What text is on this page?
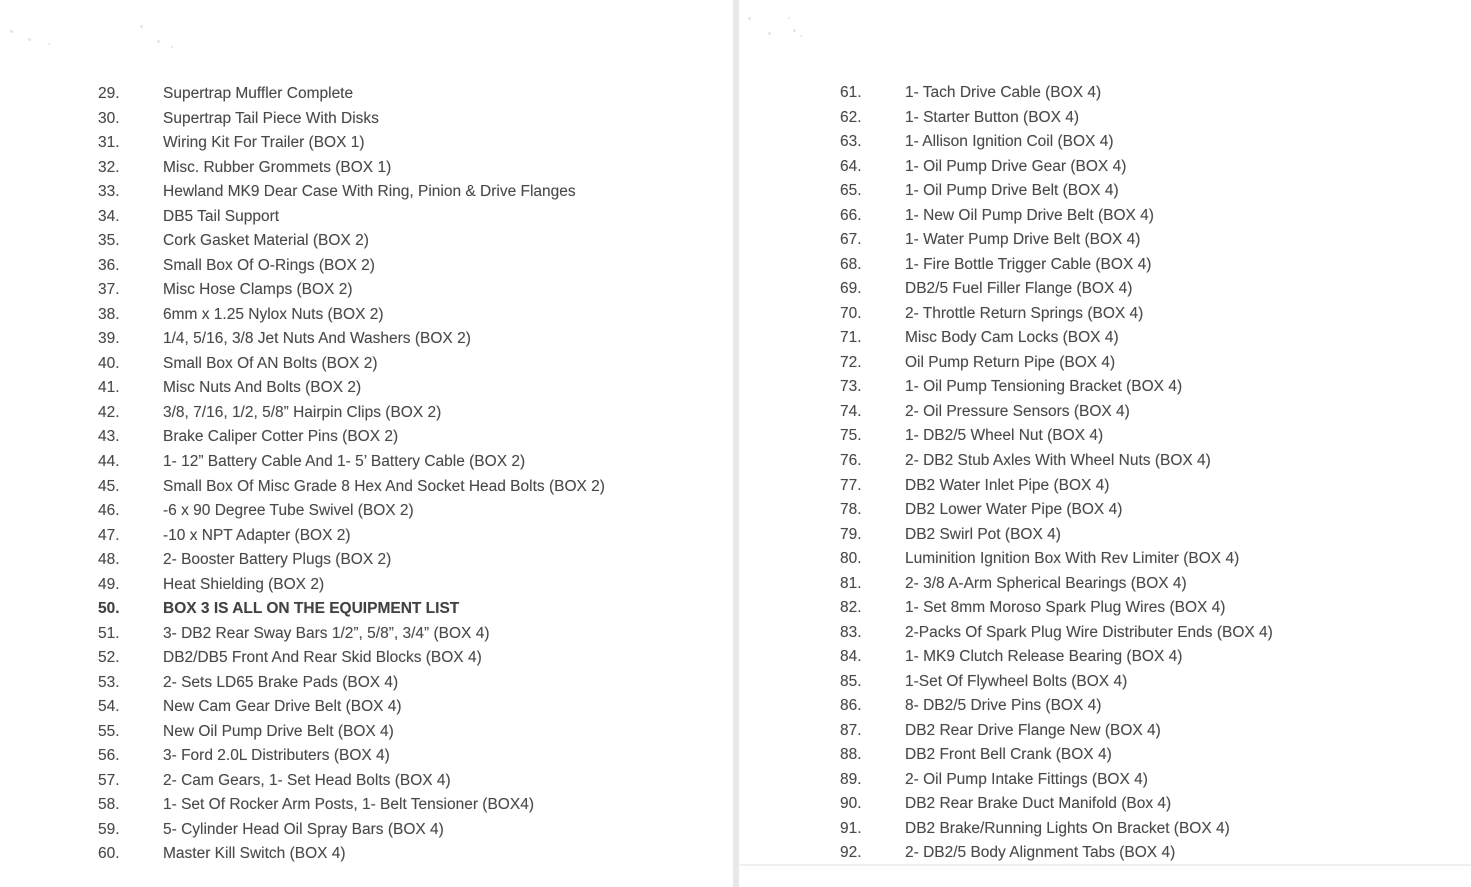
29.	Supertrap Muffler Complete
30.	Supertrap Tail Piece With Disks
31.	Wiring Kit For Trailer (BOX 1)
32.	Misc. Rubber Grommets (BOX 1)
33.	Hewland MK9 Dear Case With Ring, Pinion & Drive Flanges
34.	DB5 Tail Support
35.	Cork Gasket Material (BOX 2)
36.	Small Box Of O-Rings (BOX 2)
37.	Misc Hose Clamps (BOX 2)
38.	6mm x 1.25 Nylox Nuts (BOX 2)
39.	1/4, 5/16, 3/8 Jet Nuts And Washers (BOX 2)
40.	Small Box Of AN Bolts (BOX 2)
41.	Misc Nuts And Bolts (BOX 2)
42.	3/8, 7/16, 1/2, 5/8” Hairpin Clips (BOX 2)
43.	Brake Caliper Cotter Pins (BOX 2)
44.	1- 12” Battery Cable And 1- 5’ Battery Cable (BOX 2)
45.	Small Box Of Misc Grade 8 Hex And Socket Head Bolts (BOX 2)
46.	-6 x 90 Degree Tube Swivel (BOX 2)
47.	-10 x NPT Adapter (BOX 2)
48.	2- Booster Battery Plugs (BOX 2)
49.	Heat Shielding (BOX 2)
50.	BOX 3 IS ALL ON THE EQUIPMENT LIST
51.	3- DB2 Rear Sway Bars 1/2”, 5/8”, 3/4” (BOX 4)
52.	DB2/DB5 Front And Rear Skid Blocks (BOX 4)
53.	2- Sets LD65 Brake Pads (BOX 4)
54.	New Cam Gear Drive Belt (BOX 4)
55.	New Oil Pump Drive Belt (BOX 4)
56.	3- Ford 2.0L Distributers (BOX 4)
57.	2- Cam Gears, 1- Set Head Bolts (BOX 4)
58.	1- Set Of Rocker Arm Posts, 1- Belt Tensioner (BOX4)
59.	5- Cylinder Head Oil Spray Bars (BOX 4)
60.	Master Kill Switch (BOX 4)
61.	1- Tach Drive Cable (BOX 4)
62.	1- Starter Button (BOX 4)
63.	1- Allison Ignition Coil (BOX 4)
64.	1- Oil Pump Drive Gear (BOX 4)
65.	1- Oil Pump Drive Belt (BOX 4)
66.	1- New Oil Pump Drive Belt (BOX 4)
67.	1- Water Pump Drive Belt (BOX 4)
68.	1- Fire Bottle Trigger Cable (BOX 4)
69.	DB2/5 Fuel Filler Flange (BOX 4)
70.	2- Throttle Return Springs (BOX 4)
71.	Misc Body Cam Locks (BOX 4)
72.	Oil Pump Return Pipe (BOX 4)
73.	1- Oil Pump Tensioning Bracket (BOX 4)
74.	2- Oil Pressure Sensors (BOX 4)
75.	1- DB2/5 Wheel Nut (BOX 4)
76.	2- DB2 Stub Axles With Wheel Nuts (BOX 4)
77.	DB2 Water Inlet Pipe (BOX 4)
78.	DB2 Lower Water Pipe (BOX 4)
79.	DB2 Swirl Pot (BOX 4)
80.	Luminition Ignition Box With Rev Limiter (BOX 4)
81.	2- 3/8 A-Arm Spherical Bearings (BOX 4)
82.	1- Set 8mm Moroso Spark Plug Wires (BOX 4)
83.	2-Packs Of Spark Plug Wire Distributer Ends (BOX 4)
84.	1- MK9 Clutch Release Bearing (BOX 4)
85.	1-Set Of Flywheel Bolts (BOX 4)
86.	8- DB2/5 Drive Pins (BOX 4)
87.	DB2 Rear Drive Flange New (BOX 4)
88.	DB2 Front Bell Crank (BOX 4)
89.	2- Oil Pump Intake Fittings (BOX 4)
90.	DB2 Rear Brake Duct Manifold (Box 4)
91.	DB2 Brake/Running Lights On Bracket (BOX 4)
92.	2- DB2/5 Body Alignment Tabs (BOX 4)
